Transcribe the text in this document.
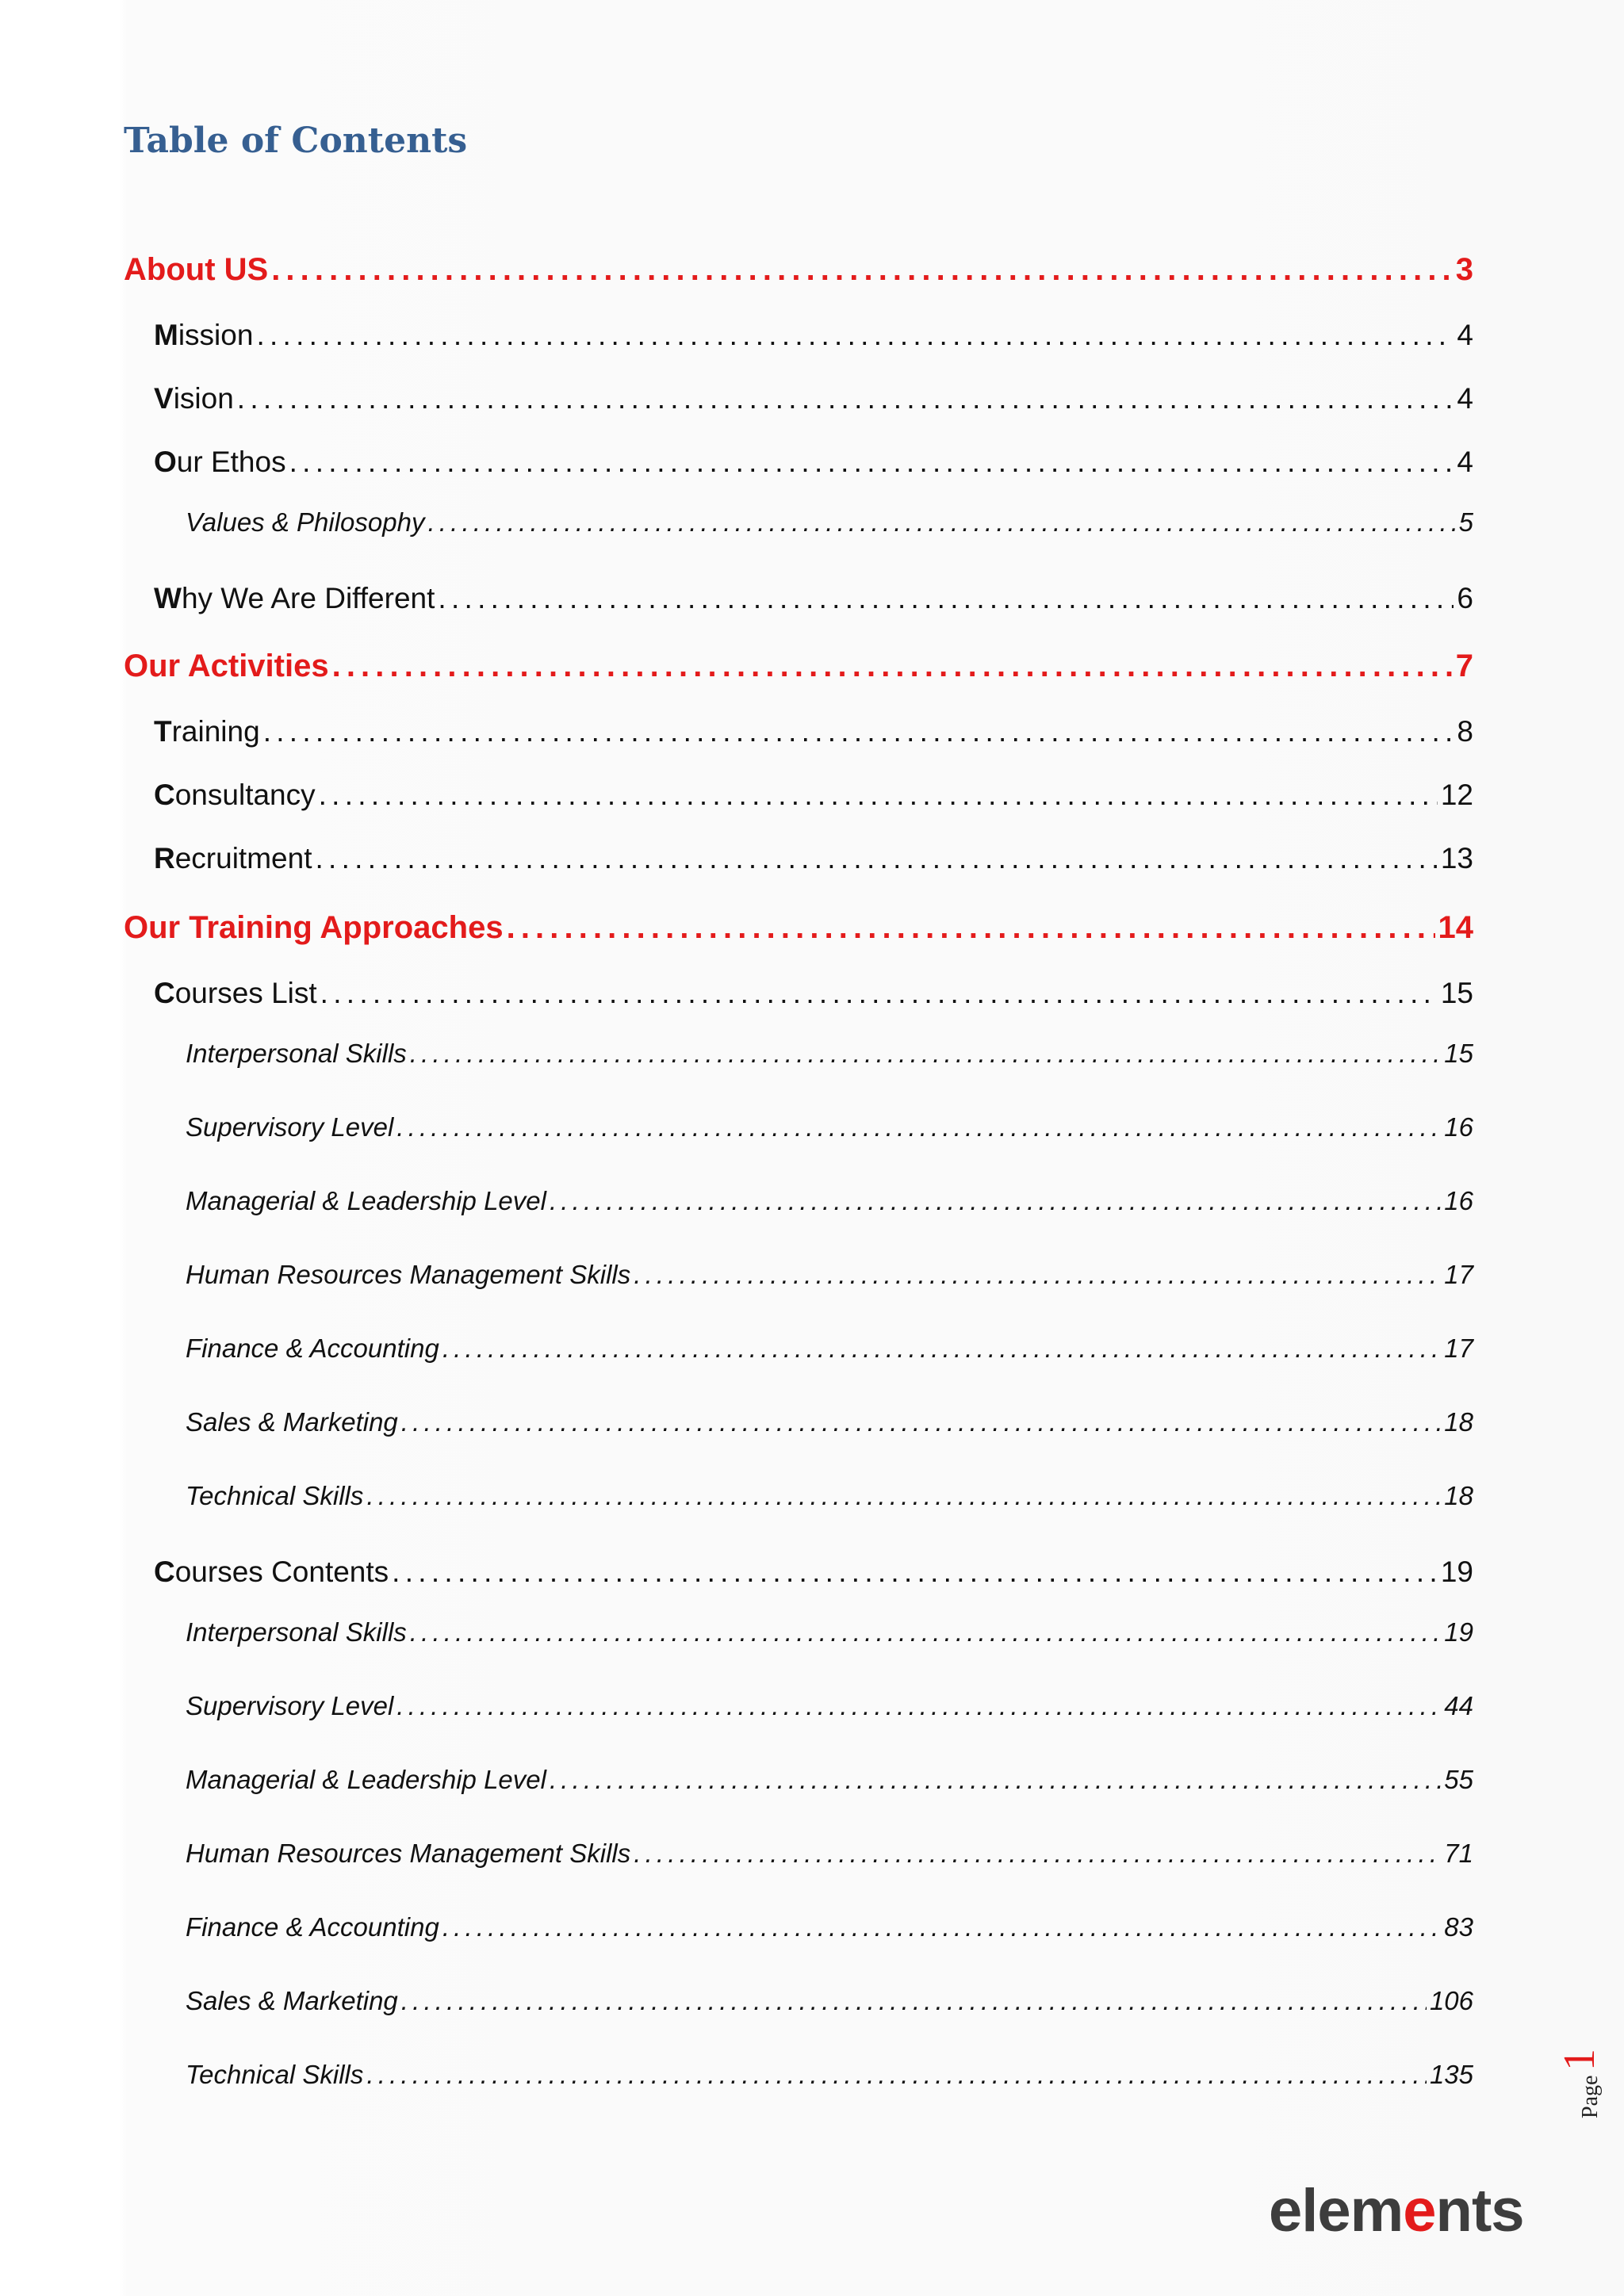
Table of Contents
About US . . .	3
Mission . . .	4
Vision . . .	4
Our Ethos . . .	4
Values & Philosophy . . .	5
Why We Are Different . . .	6
Our Activities . . .	7
Training . . .	8
Consultancy . . .	12
Recruitment . . .	13
Our Training Approaches . . .	14
Courses List . . .	15
Interpersonal Skills . . .	15
Supervisory Level . . .	16
Managerial & Leadership Level . . .	16
Human Resources Management Skills . . .	17
Finance & Accounting . . .	17
Sales & Marketing . . .	18
Technical Skills . . .	18
Courses Contents . . .	19
Interpersonal Skills . . .	19
Supervisory Level . . .	44
Managerial & Leadership Level . . .	55
Human Resources Management Skills . . .	71
Finance & Accounting . . .	83
Sales & Marketing . . .	106
Technical Skills . . .	135
Page
1
elem e nts
